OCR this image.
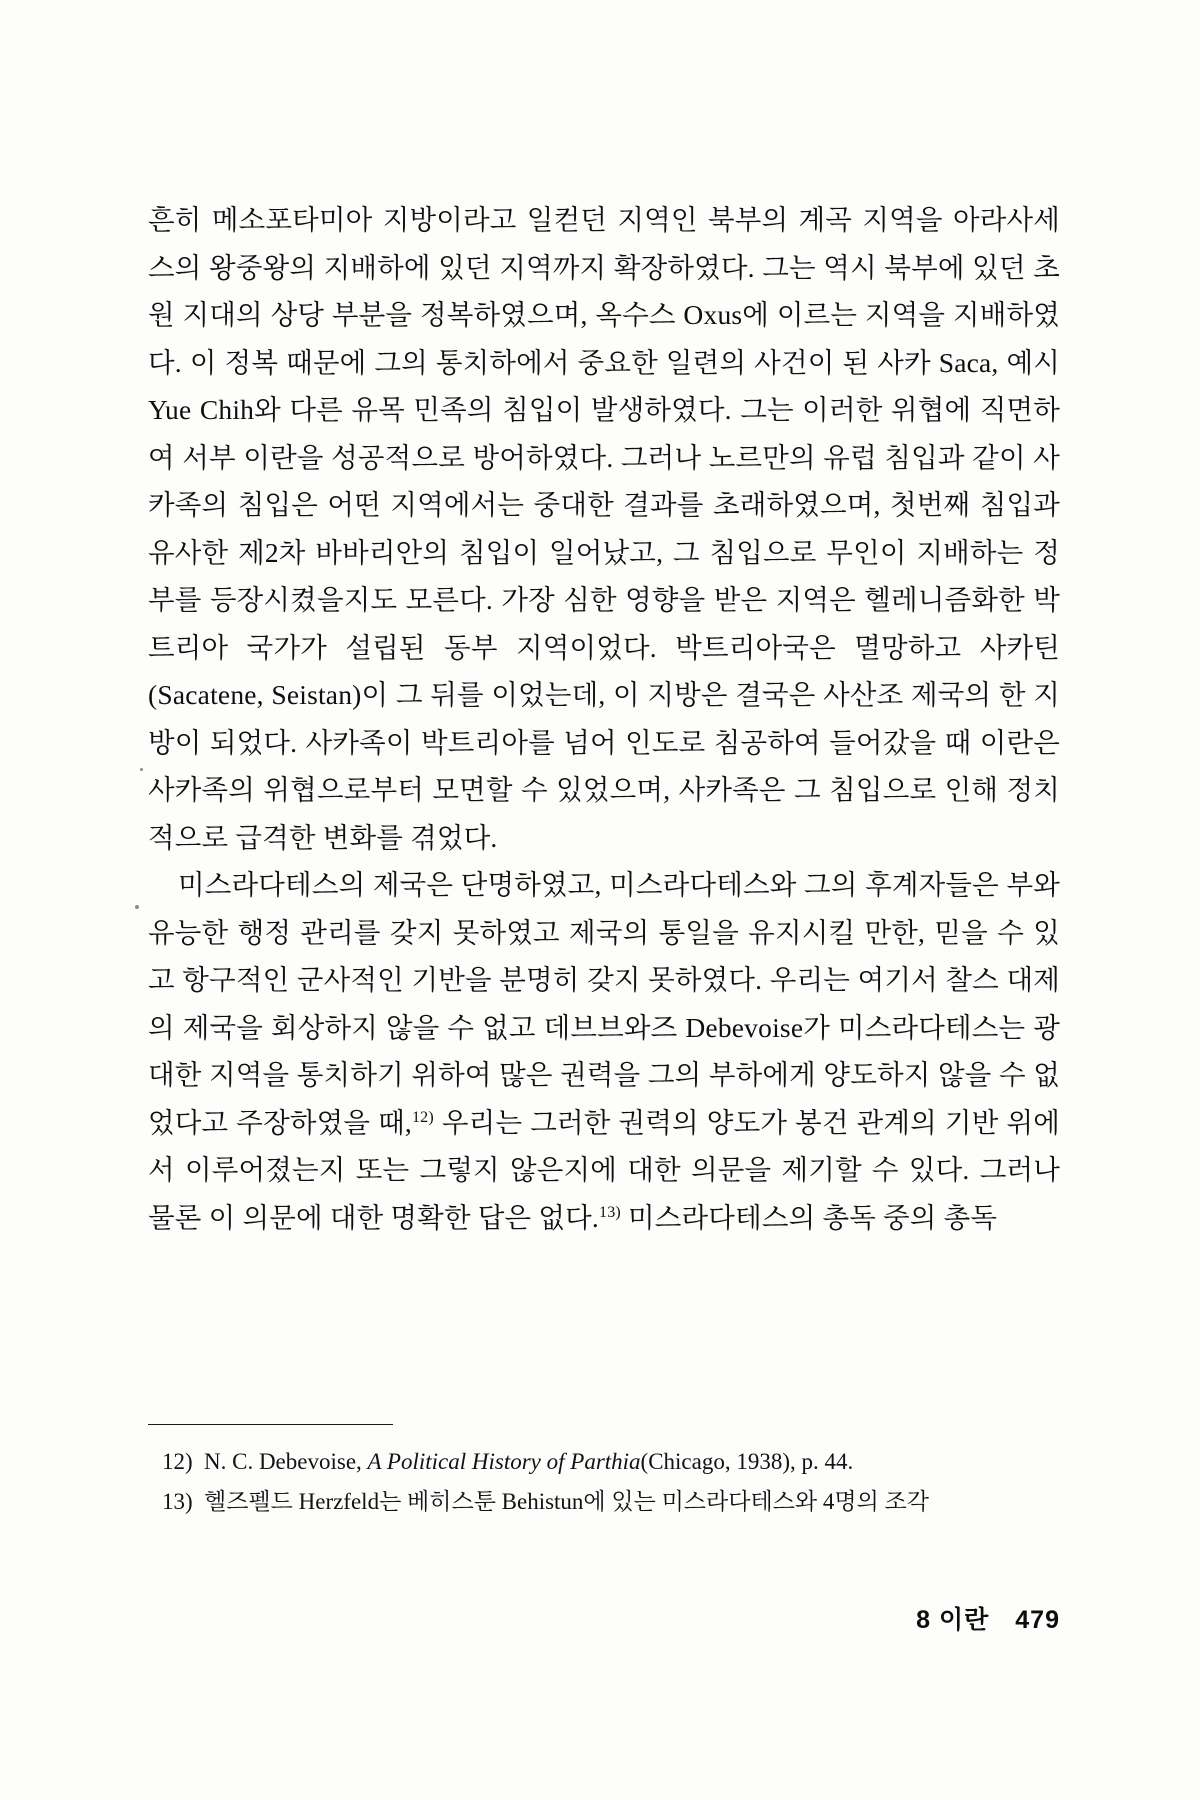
흔히 메소포타미아 지방이라고 일컫던 지역인 북부의 계곡 지역을 아라사세스의 왕중왕의 지배하에 있던 지역까지 확장하였다. 그는 역시 북부에 있던 초원 지대의 상당 부분을 정복하였으며, 옥수스 Oxus에 이르는 지역을 지배하였다. 이 정복 때문에 그의 통치하에서 중요한 일련의 사건이 된 사카 Saca, 예시 Yue Chih와 다른 유목 민족의 침입이 발생하였다. 그는 이러한 위협에 직면하여 서부 이란을 성공적으로 방어하였다. 그러나 노르만의 유럽 침입과 같이 사카족의 침입은 어떤 지역에서는 중대한 결과를 초래하였으며, 첫번째 침입과 유사한 제2차 바바리안의 침입이 일어났고, 그 침입으로 무인이 지배하는 정부를 등장시켰을지도 모른다. 가장 심한 영향을 받은 지역은 헬레니즘화한 박트리아 국가가 설립된 동부 지역이었다. 박트리아국은 멸망하고 사카틴(Sacatene, Seistan)이 그 뒤를 이었는데, 이 지방은 결국은 사산조 제국의 한 지방이 되었다. 사카족이 박트리아를 넘어 인도로 침공하여 들어갔을 때 이란은 사카족의 위협으로부터 모면할 수 있었으며, 사카족은 그 침입으로 인해 정치적으로 급격한 변화를 겪었다.

미스라다테스의 제국은 단명하였고, 미스라다테스와 그의 후계자들은 부와 유능한 행정 관리를 갖지 못하였고 제국의 통일을 유지시킬 만한, 믿을 수 있고 항구적인 군사적인 기반을 분명히 갖지 못하였다. 우리는 여기서 찰스 대제의 제국을 회상하지 않을 수 없고 데브브와즈 Debevoise가 미스라다테스는 광대한 지역을 통치하기 위하여 많은 권력을 그의 부하에게 양도하지 않을 수 없었다고 주장하였을 때,$^{12)}$ 우리는 그러한 권력의 양도가 봉건 관계의 기반 위에서 이루어졌는지 또는 그렇지 않은지에 대한 의문을 제기할 수 있다. 그러나 물론 이 의문에 대한 명확한 답은 없다.$^{13)}$ 미스라다테스의 총독 중의 총독

12) N. C. Debevoise, A Political History of Parthia(Chicago, 1938), p. 44.

13) 헬즈펠드 Herzfeld는 베히스툰 Behistun에 있는 미스라다테스와 4명의 조각

8 이란 479
